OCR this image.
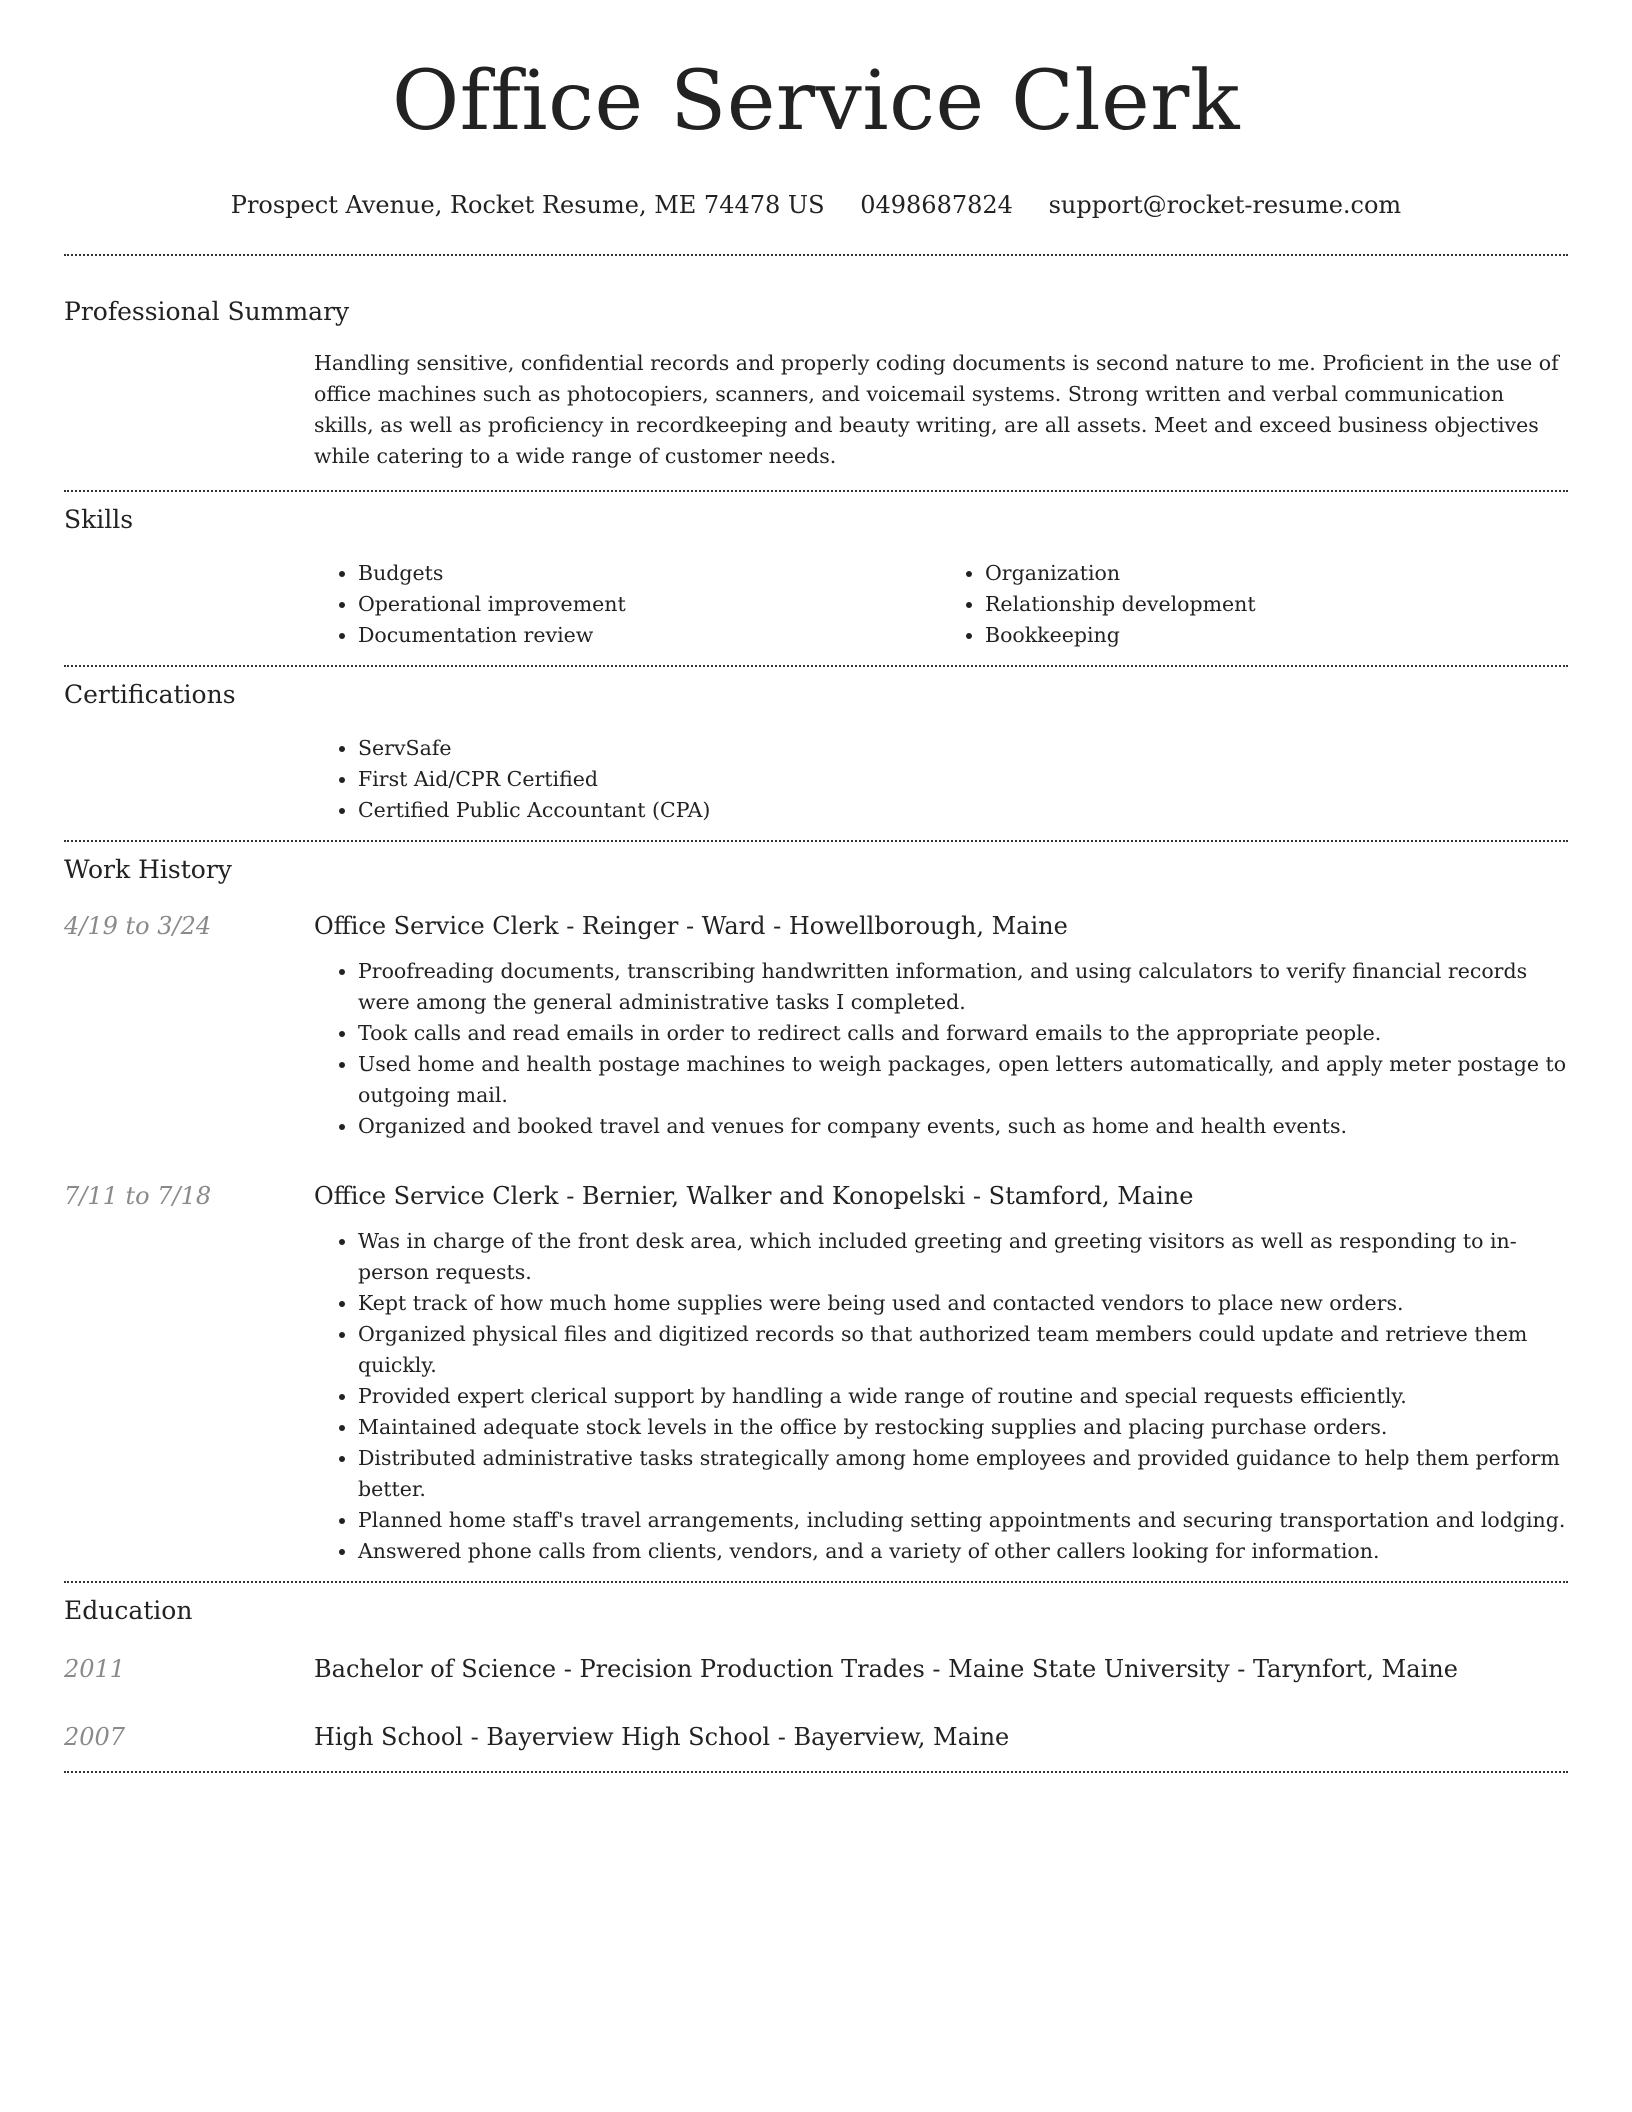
Office Service Clerk
Prospect Avenue, Rocket Resume, ME 74478 US 0498687824 support@rocket-resume.com
Professional Summary

Handling sensitive, confidential records and properly coding documents is second nature to me. Proficient in the use of office machines such as photocopiers, scanners, and voicemail systems. Strong written and verbal communication skills, as well as proficiency in recordkeeping and beauty writing, are all assets. Meet and exceed business objectives while catering to a wide range of customer needs.

Skills
• Budgets
• Operational improvement
• Documentation review
• Organization
• Relationship development
• Bookkeeping
Certifications
• ServSafe
• First Aid/CPR Certified
• Certified Public Accountant (CPA)
Work History
4/19 to 3/24	Office Service Clerk - Reinger - Ward - Howellborough, Maine
• Proofreading documents, transcribing handwritten information, and using calculators to verify financial records were among the general administrative tasks I completed.
• Took calls and read emails in order to redirect calls and forward emails to the appropriate people.
• Used home and health postage machines to weigh packages, open letters automatically, and apply meter postage to outgoing mail.
• Organized and booked travel and venues for company events, such as home and health events.
7/11 to 7/18	Office Service Clerk - Bernier, Walker and Konopelski - Stamford, Maine
• Was in charge of the front desk area, which included greeting and greeting visitors as well as responding to in-person requests.
• Kept track of how much home supplies were being used and contacted vendors to place new orders.
• Organized physical files and digitized records so that authorized team members could update and retrieve them quickly.
• Provided expert clerical support by handling a wide range of routine and special requests efficiently.
• Maintained adequate stock levels in the office by restocking supplies and placing purchase orders.
• Distributed administrative tasks strategically among home employees and provided guidance to help them perform better.
• Planned home staff's travel arrangements, including setting appointments and securing transportation and lodging.
• Answered phone calls from clients, vendors, and a variety of other callers looking for information.
Education
2011	Bachelor of Science - Precision Production Trades - Maine State University - Tarynfort, Maine
2007	High School - Bayerview High School - Bayerview, Maine
